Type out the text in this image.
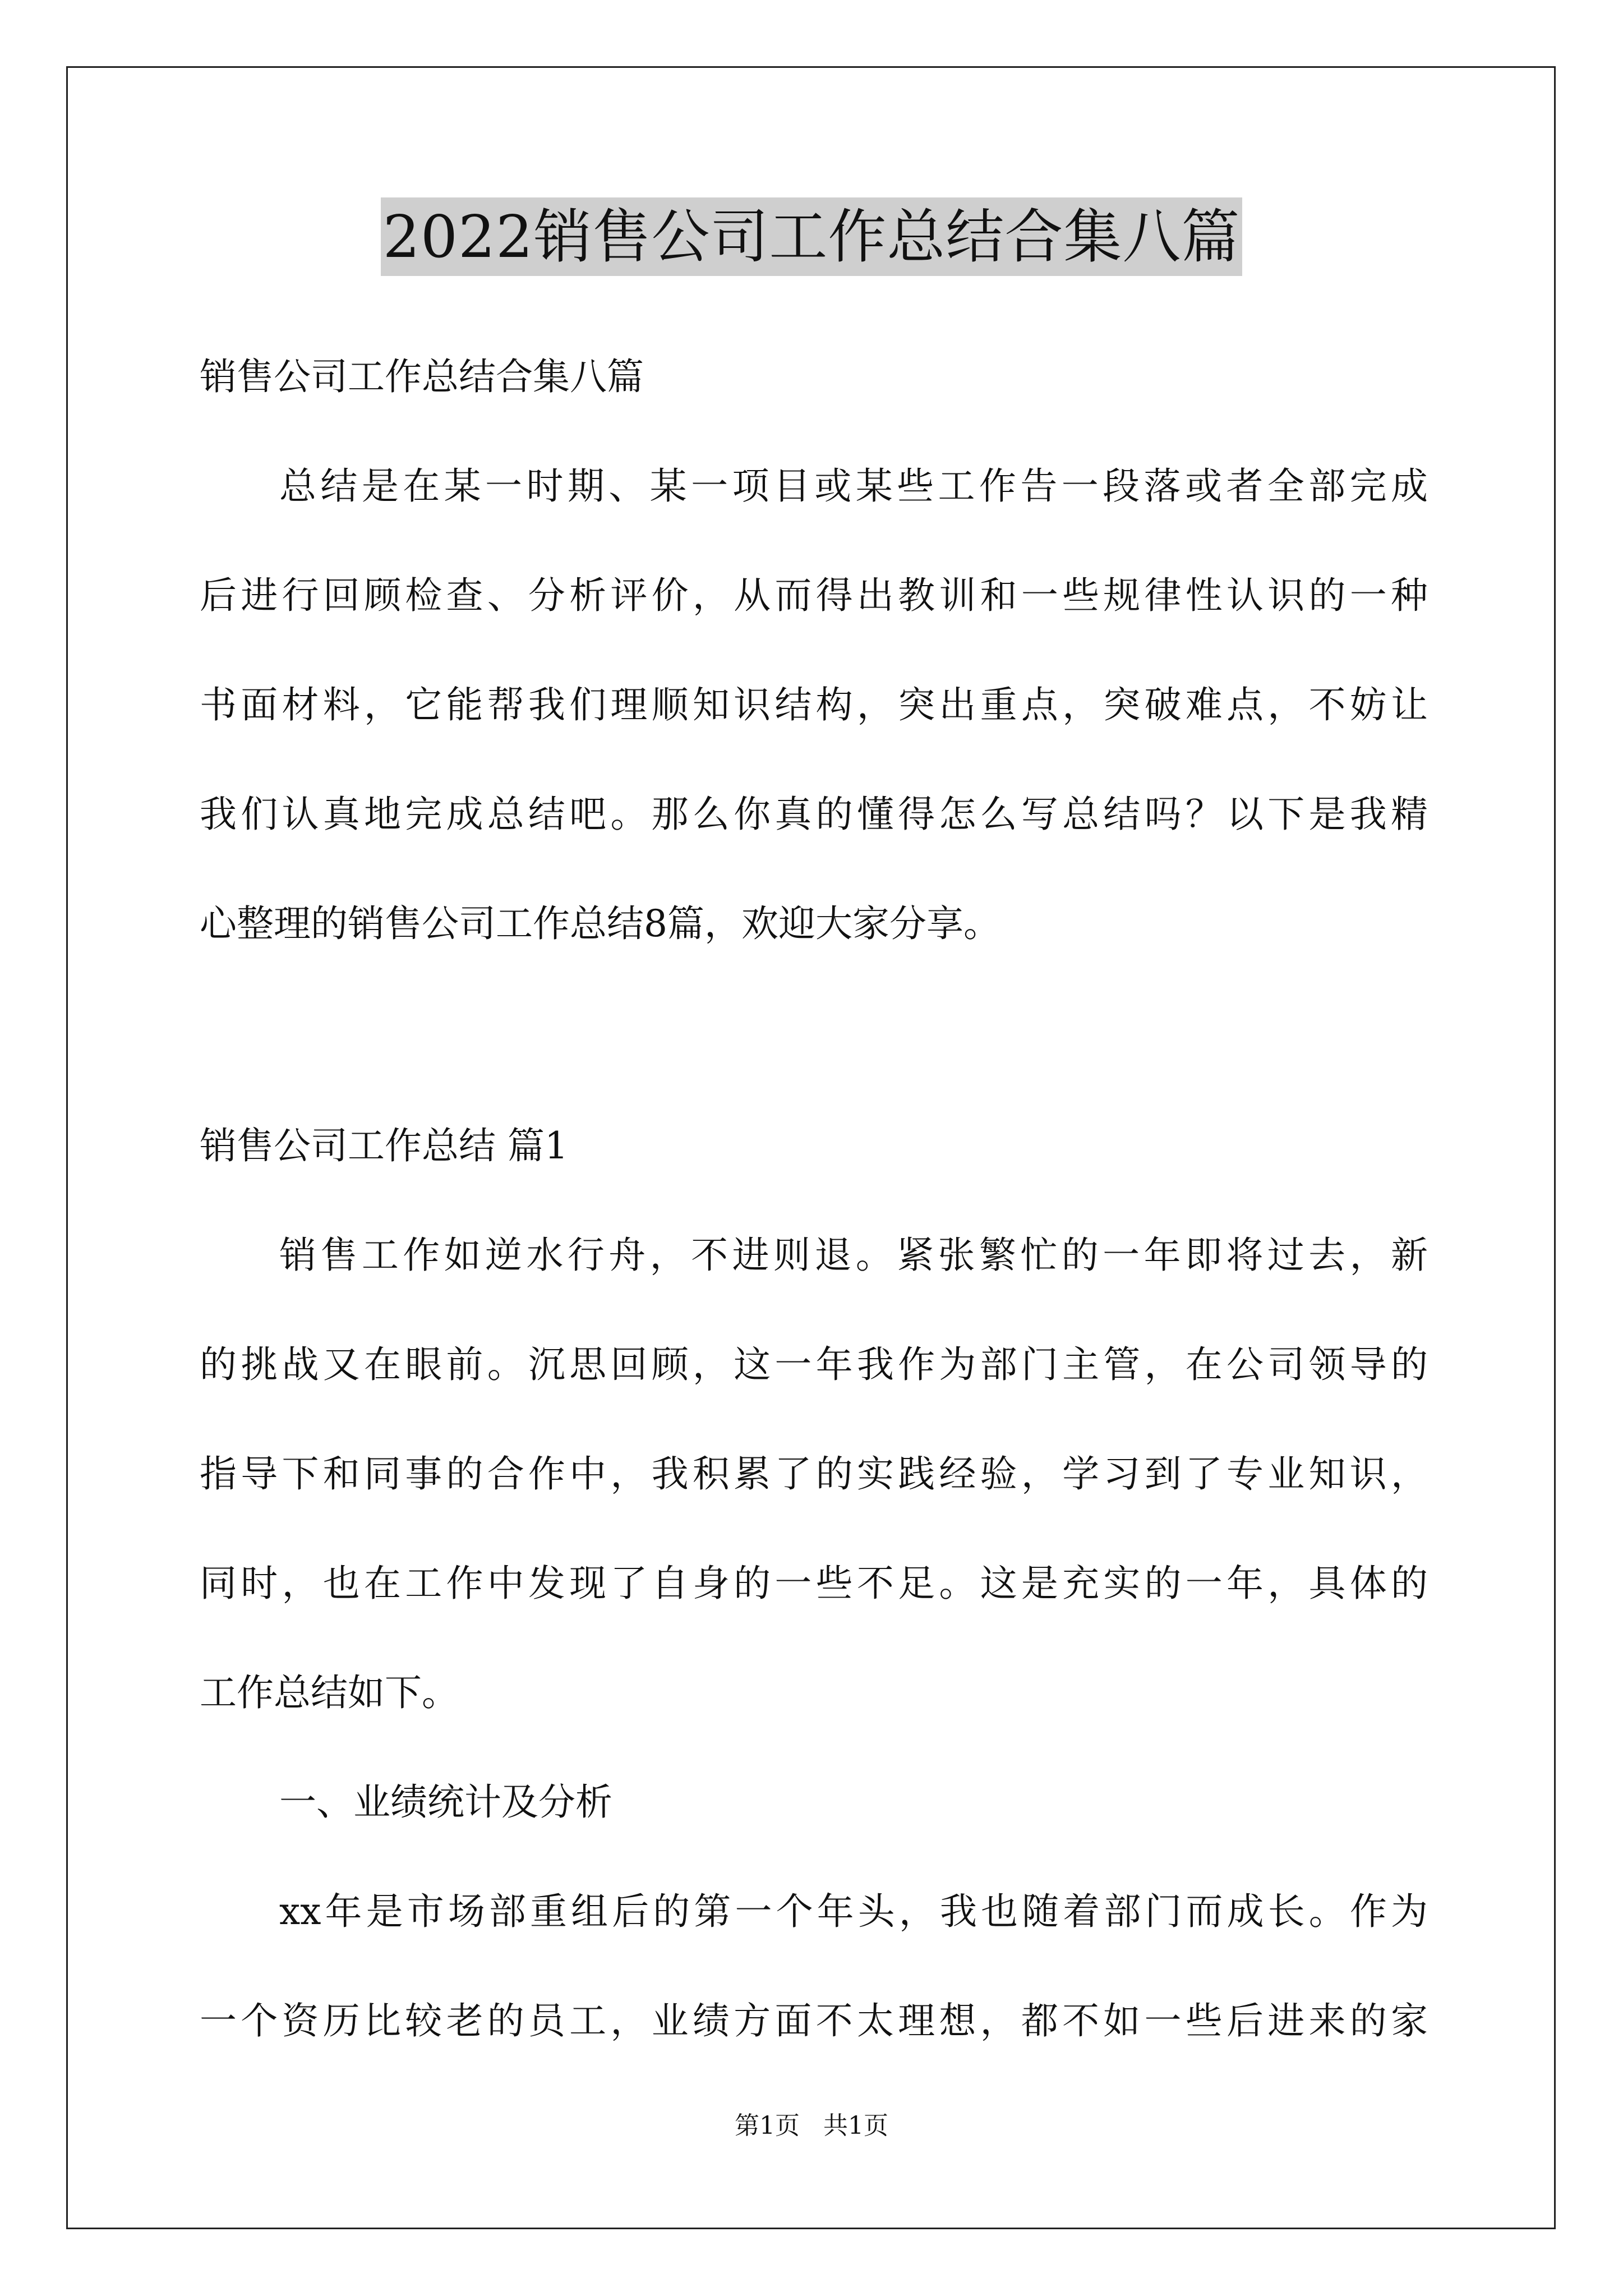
2022销售公司工作总结合集八篇

销售公司工作总结合集八篇

总结是在某一时期、某一项目或某些工作告一段落或者全部完成

后进行回顾检查、分析评价，从而得出教训和一些规律性认识的一种

书面材料，它能帮我们理顺知识结构，突出重点，突破难点，不妨让

我们认真地完成总结吧。那么你真的懂得怎么写总结吗？以下是我精

心整理的销售公司工作总结8篇，欢迎大家分享。

销售公司工作总结 篇1

销售工作如逆水行舟，不进则退。紧张繁忙的一年即将过去，新

的挑战又在眼前。沉思回顾，这一年我作为部门主管，在公司领导的

指导下和同事的合作中，我积累了的实践经验，学习到了专业知识，

同时，也在工作中发现了自身的一些不足。这是充实的一年，具体的

工作总结如下。

一、业绩统计及分析

xx年是市场部重组后的第一个年头，我也随着部门而成长。作为

一个资历比较老的员工，业绩方面不太理想，都不如一些后进来的家

第1页   共1页
